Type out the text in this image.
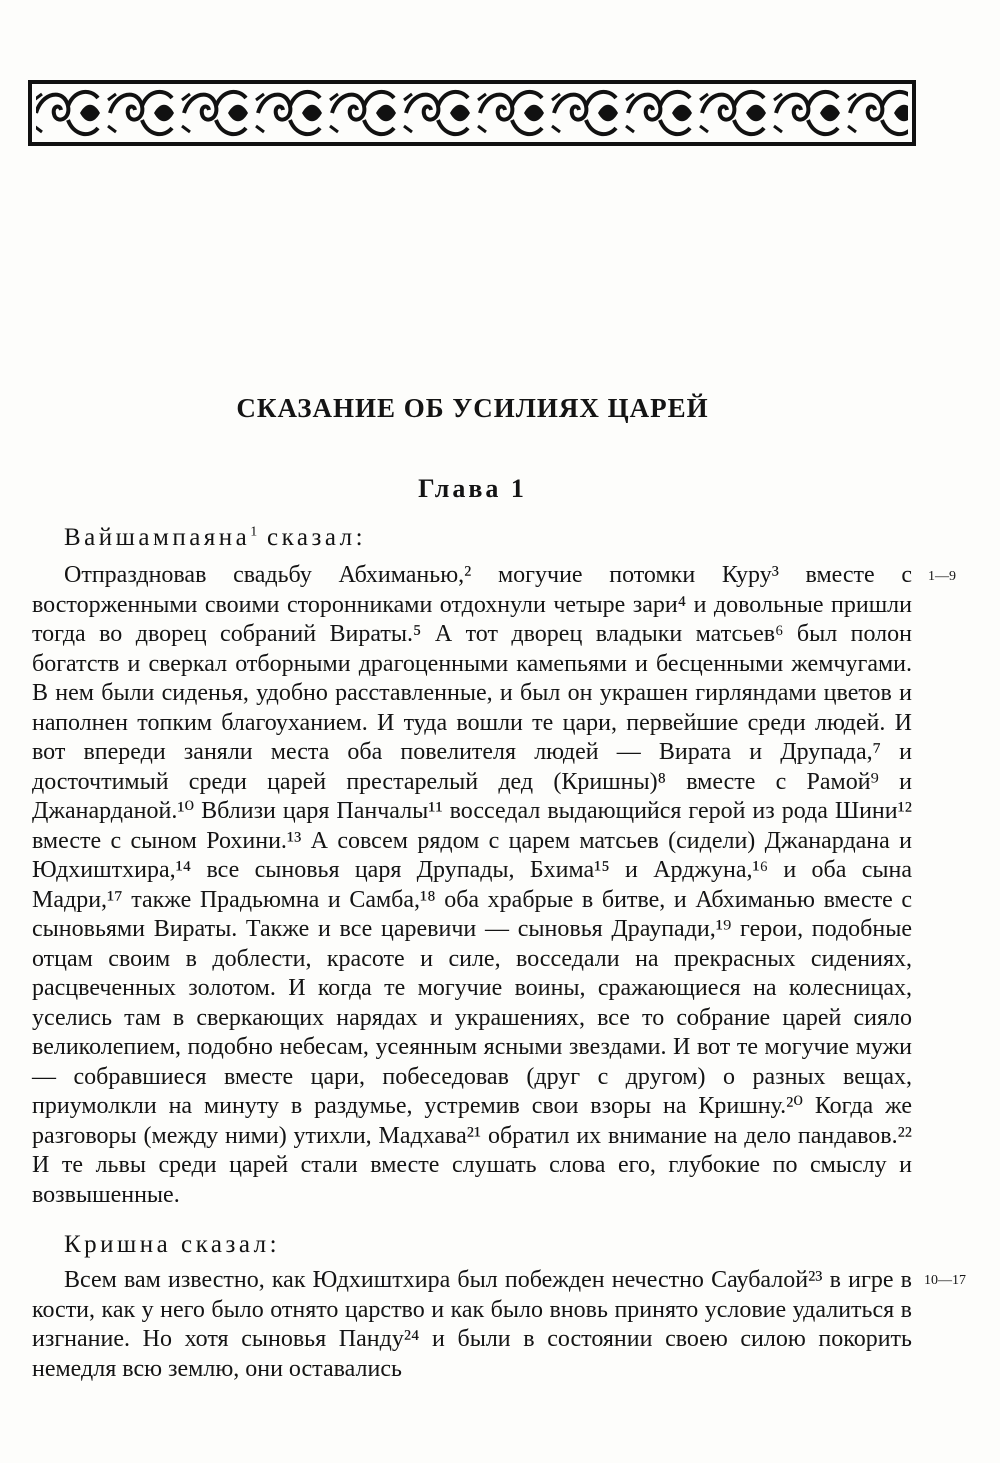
СКАЗАНИЕ ОБ УСИЛИЯХ ЦАРЕЙ
Глава 1

Вайшампаяна$^1$ сказал:

Отпраздновав свадьбу Абхиманью,² могучие потомки Куру³ вместе с восторженными своими сторонниками отдохнули четыре зари⁴ и довольные пришли тогда во дворец собраний Вираты.⁵ А тот дворец владыки матсьев⁶ был полон богатств и сверкал отборными драгоценными камепьями и бесценными жемчугами. В нем были сиденья, удобно расставленные, и был он украшен гирляндами цветов и наполнен топким благоуханием. И туда вошли те цари, первейшие среди людей. И вот впереди заняли места оба повелителя людей — Вирата и Друпада,⁷ и досточтимый среди царей престарелый дед (Кришны)⁸ вместе с Рамой⁹ и Джанарданой.¹⁰ Вблизи царя Панчалы¹¹ восседал выдающийся герой из рода Шини¹² вместе с сыном Рохини.¹³ А совсем рядом с царем матсьев (сидели) Джанардана и Юдхиштхира,¹⁴ все сыновья царя Друпады, Бхима¹⁵ и Арджуна,¹⁶ и оба сына Мадри,¹⁷ также Прадьюмна и Самба,¹⁸ оба храбрые в битве, и Абхиманью вместе с сыновьями Вираты. Также и все царевичи — сыновья Драупади,¹⁹ герои, подобные отцам своим в доблести, красоте и силе, восседали на прекрасных сидениях, расцвеченных золотом. И когда те могучие воины, сражающиеся на колесницах, уселись там в сверкающих нарядах и украшениях, все то собрание царей сияло великолепием, подобно небесам, усеянным ясными звездами. И вот те могучие мужи — собравшиеся вместе цари, побеседовав (друг с другом) о разных вещах, приумолкли на минуту в раздумье, устремив свои взоры на Кришну.²⁰ Когда же разговоры (между ними) утихли, Мадхава²¹ обратил их внимание на дело пандавов.²² И те львы среди царей стали вместе слушать слова его, глубокие по смыслу и возвышенные.

1—9

Кришна сказал:

Всем вам известно, как Юдхиштхира был побежден нечестно Саубалой²³ в игре в кости, как у него было отнято царство и как было вновь принято условие удалиться в изгнание. Но хотя сыновья Панду²⁴ и были в состоянии своею силою покорить немедля всю землю, они оставались

10—17
